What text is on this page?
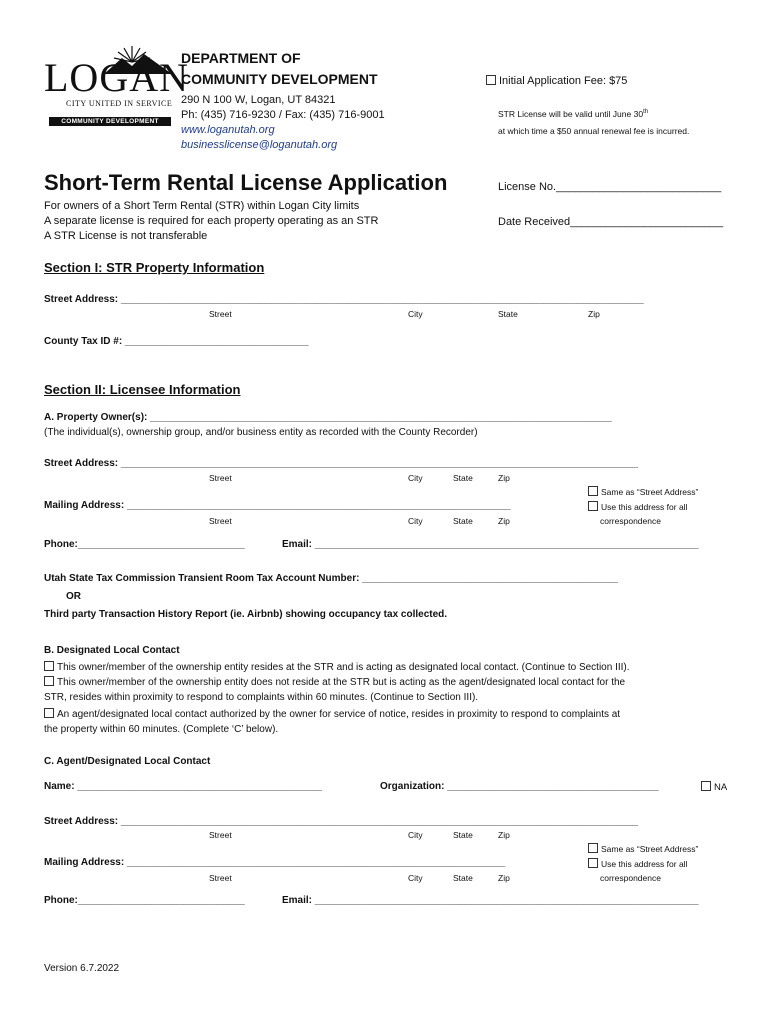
LOGAN
CITY UNITED IN SERVICE
COMMUNITY DEVELOPMENT
DEPARTMENT OF
COMMUNITY DEVELOPMENT
290 N 100 W, Logan, UT 84321
Ph: (435) 716-9230 / Fax: (435) 716-9001
www.loganutah.org
businesslicense@loganutah.org
Initial Application Fee: $75
STR License will be valid until June 30th
at which time a $50 annual renewal fee is incurred.
Short-Term Rental License Application
For owners of a Short Term Rental (STR) within Logan City limits
A separate license is required for each property operating as an STR
A STR License is not transferable
License No.___________________________
Date Received_________________________
Section I: STR Property Information
Street Address: ______________________________________________________________________________________________
Street	City	State	Zip
County Tax ID #: _________________________________
Section II: Licensee Information
A. Property Owner(s): ___________________________________________________________________________________
(The individual(s), ownership group, and/or business entity as recorded with the County Recorder)
Street Address: _____________________________________________________________________________________________
Street	City	State	Zip
Same as “Street Address”
Mailing Address: _____________________________________________________________________	Use this address for all
Street	City	State	Zip	correspondence
Phone:______________________________	Email: _____________________________________________________________________
Utah State Tax Commission Transient Room Tax Account Number: ______________________________________________
OR
Third party Transaction History Report (ie. Airbnb) showing occupancy tax collected.
B. Designated Local Contact
This owner/member of the ownership entity resides at the STR and is acting as designated local contact. (Continue to Section III).
This owner/member of the ownership entity does not reside at the STR but is acting as the agent/designated local contact for the
STR, resides within proximity to respond to complaints within 60 minutes. (Continue to Section III).
An agent/designated local contact authorized by the owner for service of notice, resides in proximity to respond to complaints at
the property within 60 minutes. (Complete ‘C’ below).
C. Agent/Designated Local Contact
Name: ____________________________________________	Organization: ______________________________________	NA
Street Address: _____________________________________________________________________________________________
Street	City	State	Zip
Same as “Street Address”
Mailing Address: ____________________________________________________________________	Use this address for all
Street	City	State	Zip	correspondence
Phone:______________________________	Email: _____________________________________________________________________
Version 6.7.2022
